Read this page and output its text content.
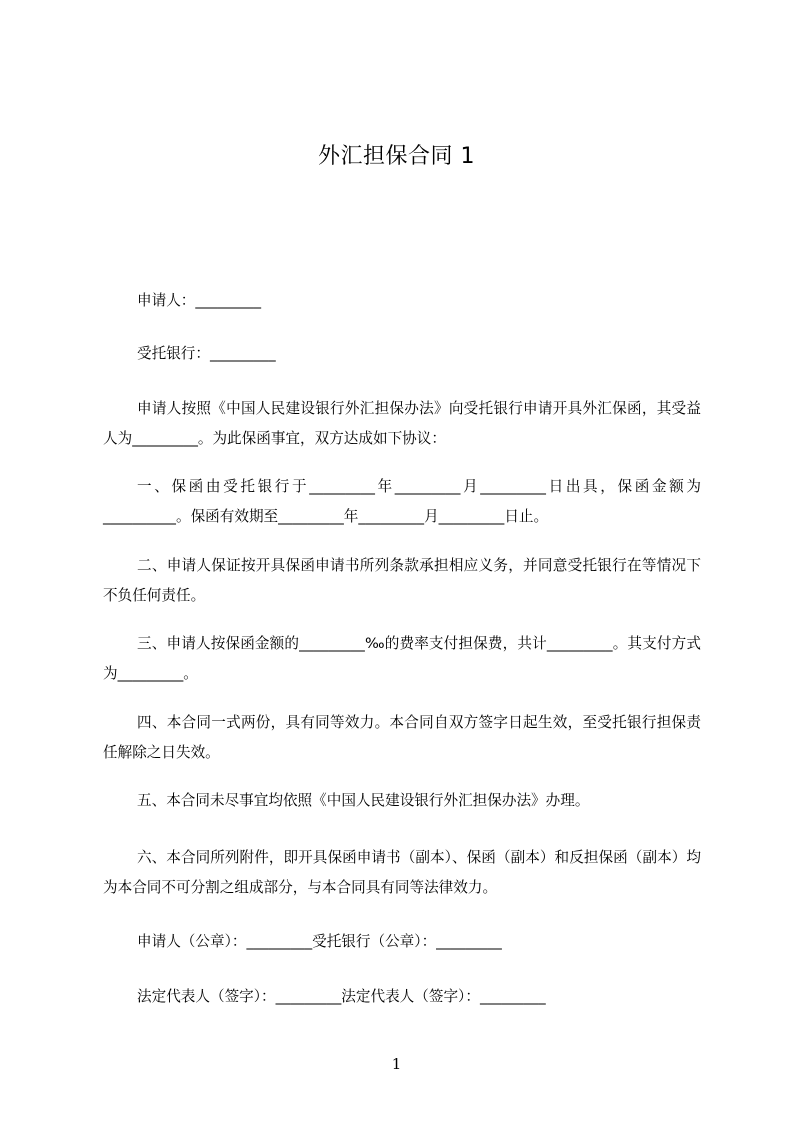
外汇担保合同 1
申请人：_________
受托银行：_________

申请人按照《中国人民建设银行外汇担保办法》向受托银行申请开具外汇保函，其受益人为_________。为此保函事宜，双方达成如下协议：

一、保函由受托银行于_________年_________月_________日出具，保函金额为__________。保函有效期至_________年_________月_________日止。

二、申请人保证按开具保函申请书所列条款承担相应义务，并同意受托银行在等情况下不负任何责任。

三、申请人按保函金额的_________‰的费率支付担保费，共计_________。其支付方式为_________。

四、本合同一式两份，具有同等效力。本合同自双方签字日起生效，至受托银行担保责任解除之日失效。

五、本合同未尽事宜均依照《中国人民建设银行外汇担保办法》办理。

六、本合同所列附件，即开具保函申请书（副本）、保函（副本）和反担保函（副本）均为本合同不可分割之组成部分，与本合同具有同等法律效力。

申请人（公章）：_________受托银行（公章）：_________
法定代表人（签字）：_________法定代表人（签字）：_________
1
